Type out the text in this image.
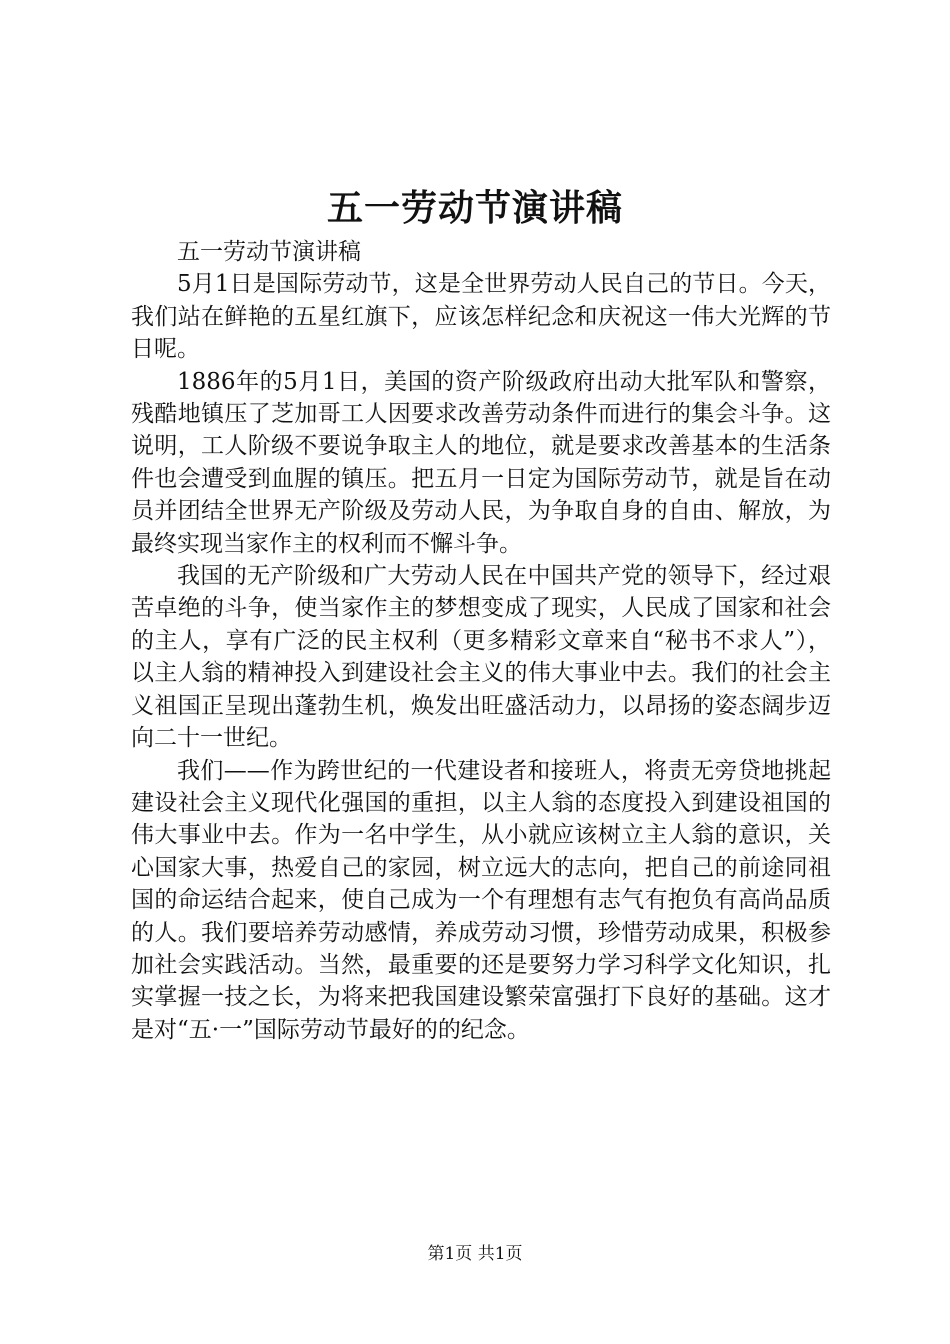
五一劳动节演讲稿

五一劳动节演讲稿

5月1日是国际劳动节，这是全世界劳动人民自己的节日。今天，我们站在鲜艳的五星红旗下，应该怎样纪念和庆祝这一伟大光辉的节日呢。

1886年的5月1日，美国的资产阶级政府出动大批军队和警察，残酷地镇压了芝加哥工人因要求改善劳动条件而进行的集会斗争。这说明，工人阶级不要说争取主人的地位，就是要求改善基本的生活条件也会遭受到血腥的镇压。把五月一日定为国际劳动节，就是旨在动员并团结全世界无产阶级及劳动人民，为争取自身的自由、解放，为最终实现当家作主的权利而不懈斗争。

我国的无产阶级和广大劳动人民在中国共产党的领导下，经过艰苦卓绝的斗争，使当家作主的梦想变成了现实，人民成了国家和社会的主人，享有广泛的民主权利（更多精彩文章来自“秘书不求人”），以主人翁的精神投入到建设社会主义的伟大事业中去。我们的社会主义祖国正呈现出蓬勃生机，焕发出旺盛活动力，以昂扬的姿态阔步迈向二十一世纪。

我们——作为跨世纪的一代建设者和接班人，将责无旁贷地挑起建设社会主义现代化强国的重担，以主人翁的态度投入到建设祖国的伟大事业中去。作为一名中学生，从小就应该树立主人翁的意识，关心国家大事，热爱自己的家园，树立远大的志向，把自己的前途同祖国的命运结合起来，使自己成为一个有理想有志气有抱负有高尚品质的人。我们要培养劳动感情，养成劳动习惯，珍惜劳动成果，积极参加社会实践活动。当然，最重要的还是要努力学习科学文化知识，扎实掌握一技之长，为将来把我国建设繁荣富强打下良好的基础。这才是对“五·一”国际劳动节最好的的纪念。

第1页 共1页
